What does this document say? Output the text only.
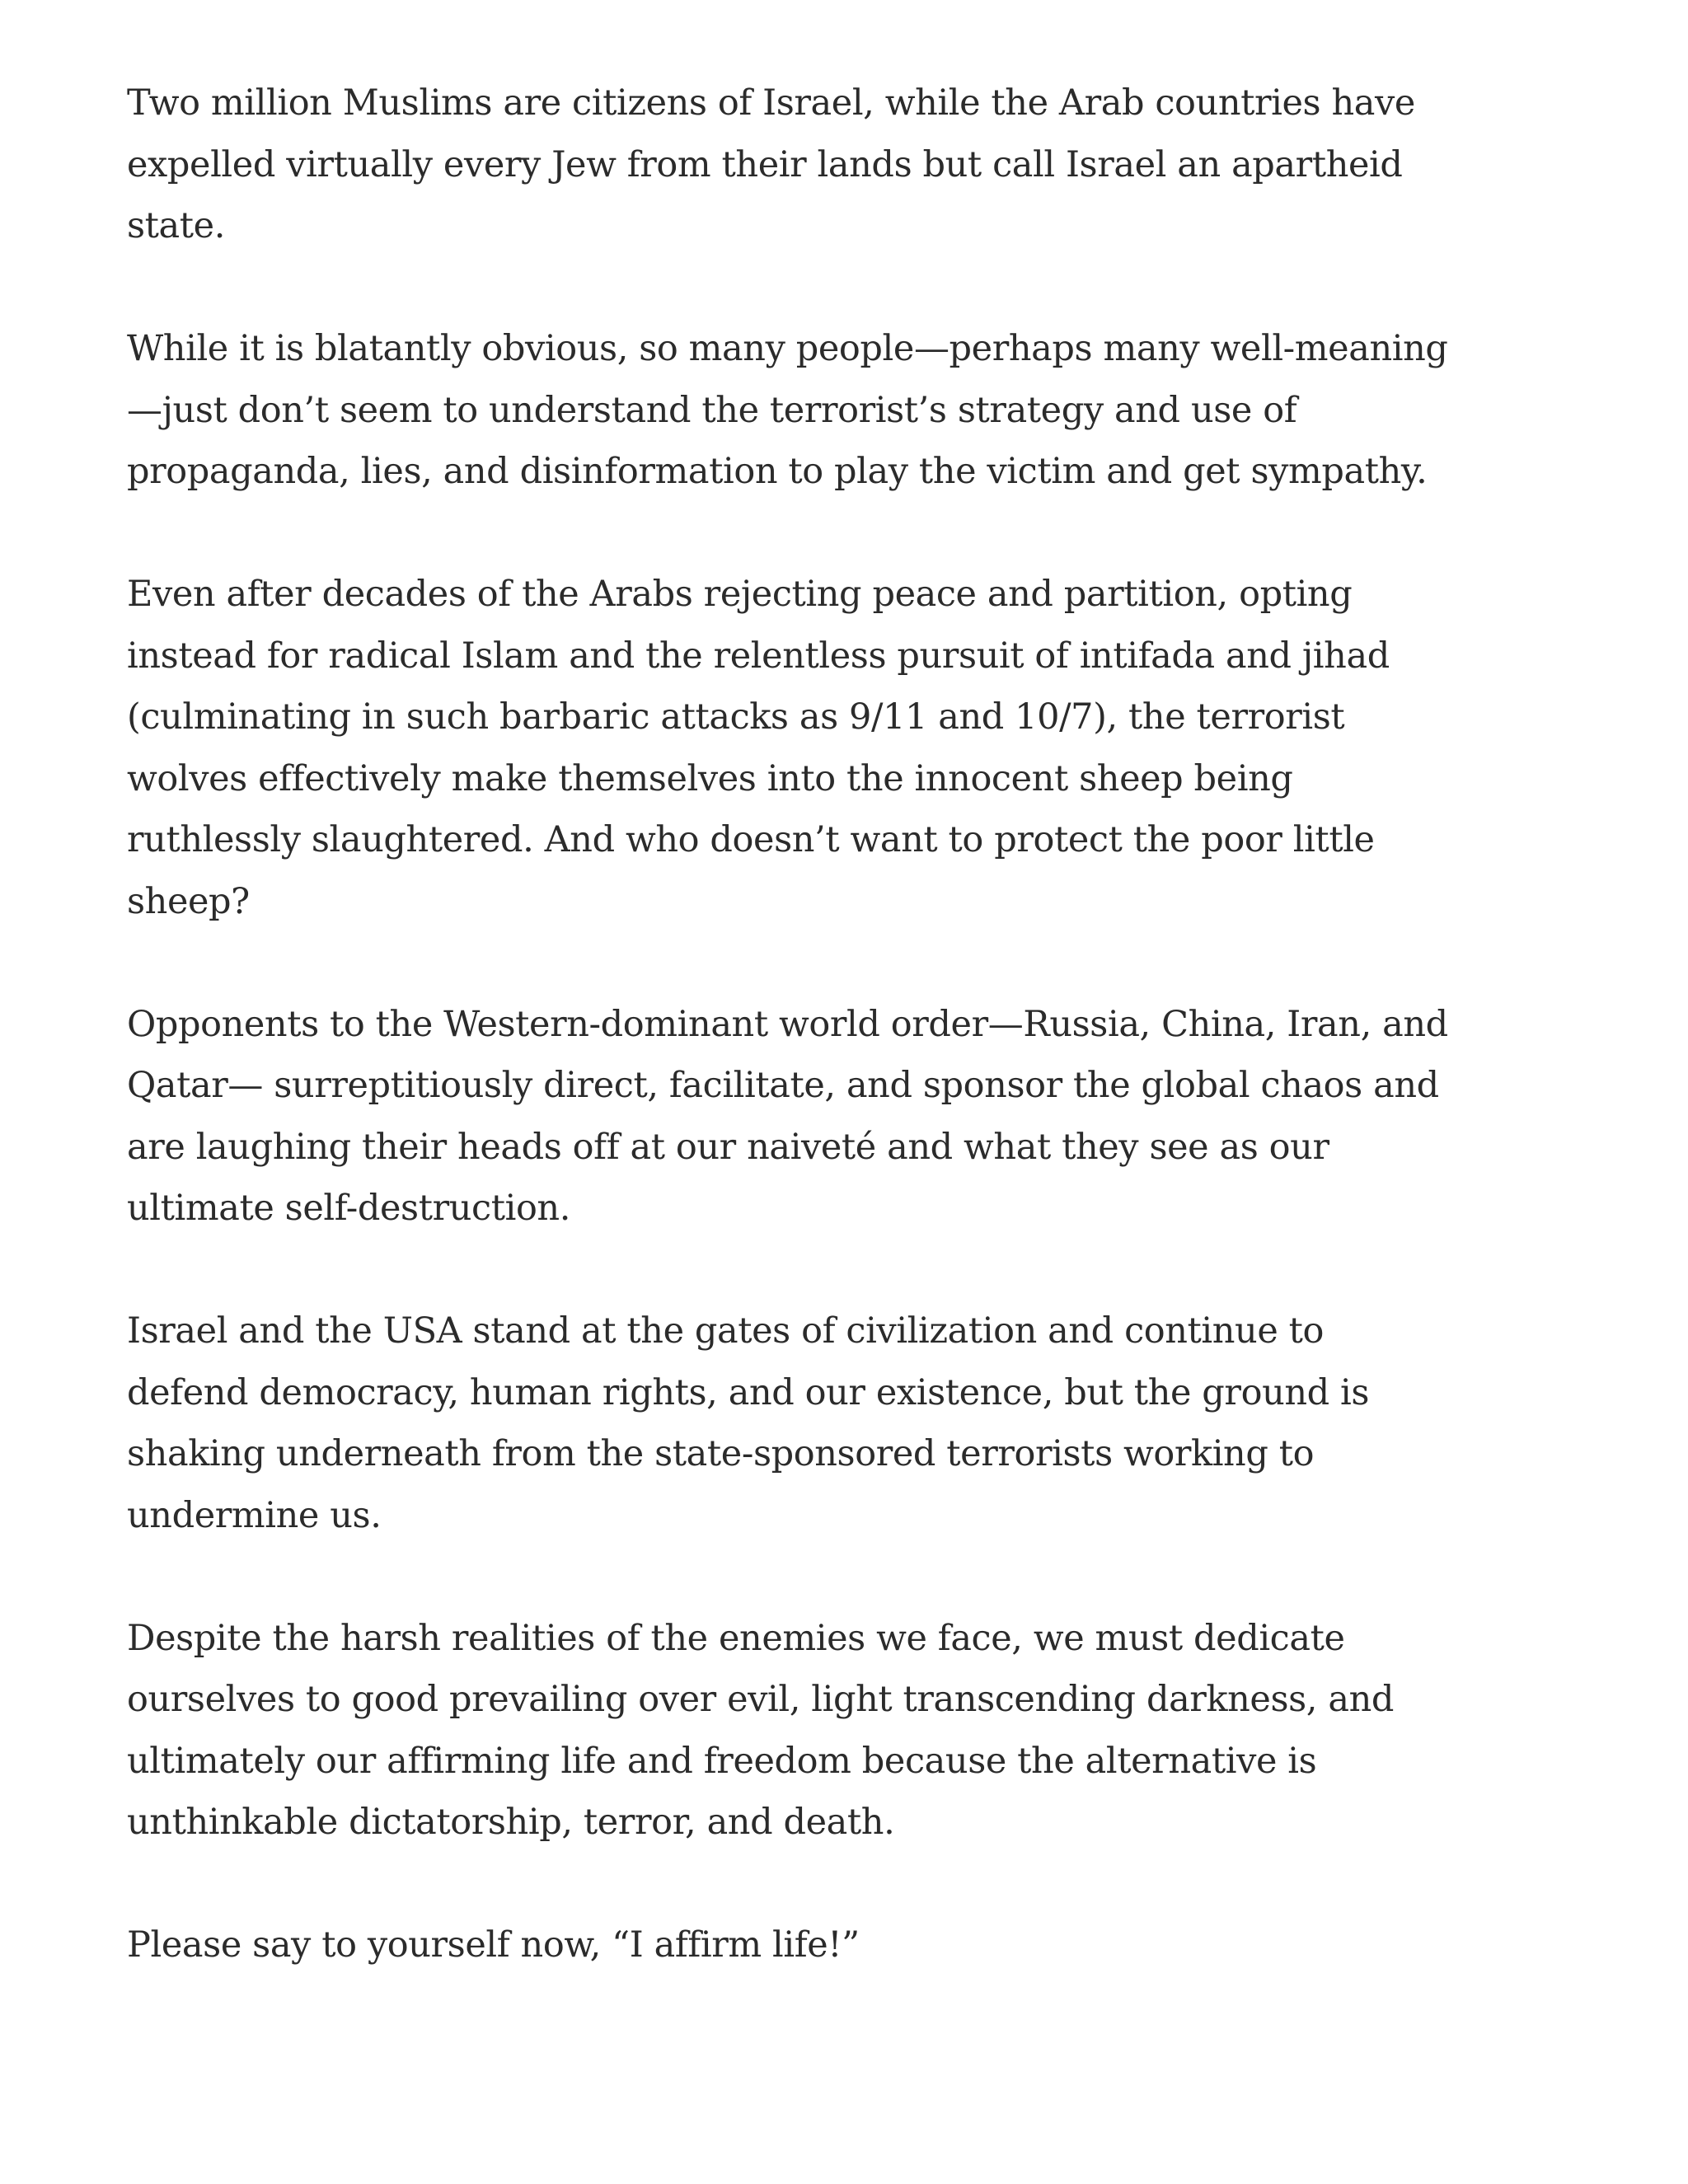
Two million Muslims are citizens of Israel, while the Arab countries have expelled virtually every Jew from their lands but call Israel an apartheid state.

While it is blatantly obvious, so many people—perhaps many well-meaning—just don’t seem to understand the terrorist’s strategy and use of propaganda, lies, and disinformation to play the victim and get sympathy.

Even after decades of the Arabs rejecting peace and partition, opting instead for radical Islam and the relentless pursuit of intifada and jihad (culminating in such barbaric attacks as 9/11 and 10/7), the terrorist wolves effectively make themselves into the innocent sheep being ruthlessly slaughtered. And who doesn’t want to protect the poor little sheep?

Opponents to the Western-dominant world order—Russia, China, Iran, and Qatar— surreptitiously direct, facilitate, and sponsor the global chaos and are laughing their heads off at our naiveté and what they see as our ultimate self-destruction.

Israel and the USA stand at the gates of civilization and continue to defend democracy, human rights, and our existence, but the ground is shaking underneath from the state-sponsored terrorists working to undermine us.

Despite the harsh realities of the enemies we face, we must dedicate ourselves to good prevailing over evil, light transcending darkness, and ultimately our affirming life and freedom because the alternative is unthinkable dictatorship, terror, and death.

Please say to yourself now, “I affirm life!”
